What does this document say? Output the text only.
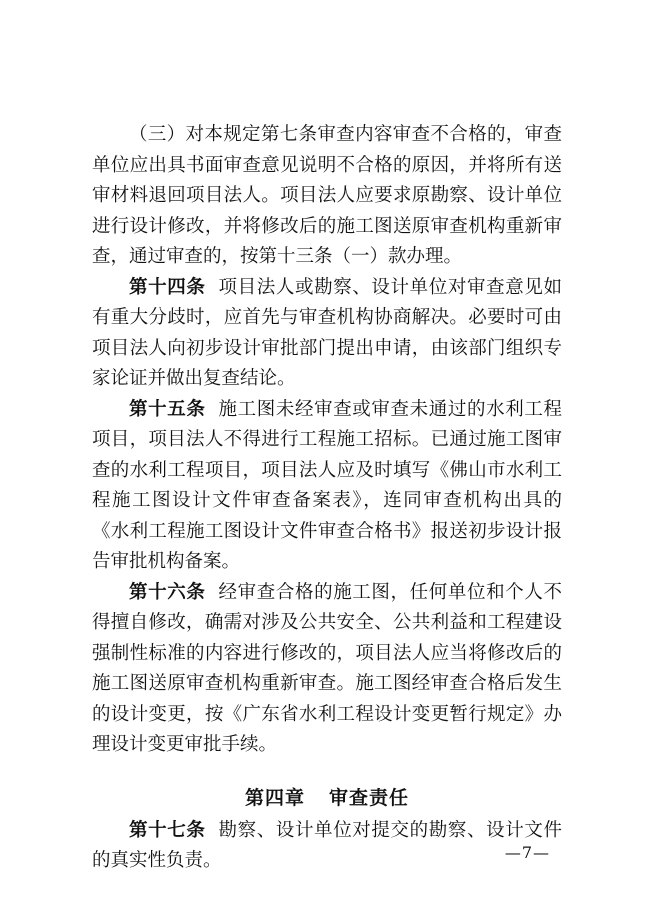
（三）对本规定第七条审查内容审查不合格的，审查单位应出具书面审查意见说明不合格的原因，并将所有送审材料退回项目法人。项目法人应要求原勘察、设计单位进行设计修改，并将修改后的施工图送原审查机构重新审查，通过审查的，按第十三条（一）款办理。

第十四条 项目法人或勘察、设计单位对审查意见如有重大分歧时，应首先与审查机构协商解决。必要时可由项目法人向初步设计审批部门提出申请，由该部门组织专家论证并做出复查结论。

第十五条 施工图未经审查或审查未通过的水利工程项目，项目法人不得进行工程施工招标。已通过施工图审查的水利工程项目，项目法人应及时填写《佛山市水利工程施工图设计文件审查备案表》，连同审查机构出具的《水利工程施工图设计文件审查合格书》报送初步设计报告审批机构备案。

第十六条 经审查合格的施工图，任何单位和个人不得擅自修改，确需对涉及公共安全、公共利益和工程建设强制性标准的内容进行修改的，项目法人应当将修改后的施工图送原审查机构重新审查。施工图经审查合格后发生的设计变更，按《广东省水利工程设计变更暂行规定》办理设计变更审批手续。

第四章 审查责任

第十七条 勘察、设计单位对提交的勘察、设计文件的真实性负责。	—7—
